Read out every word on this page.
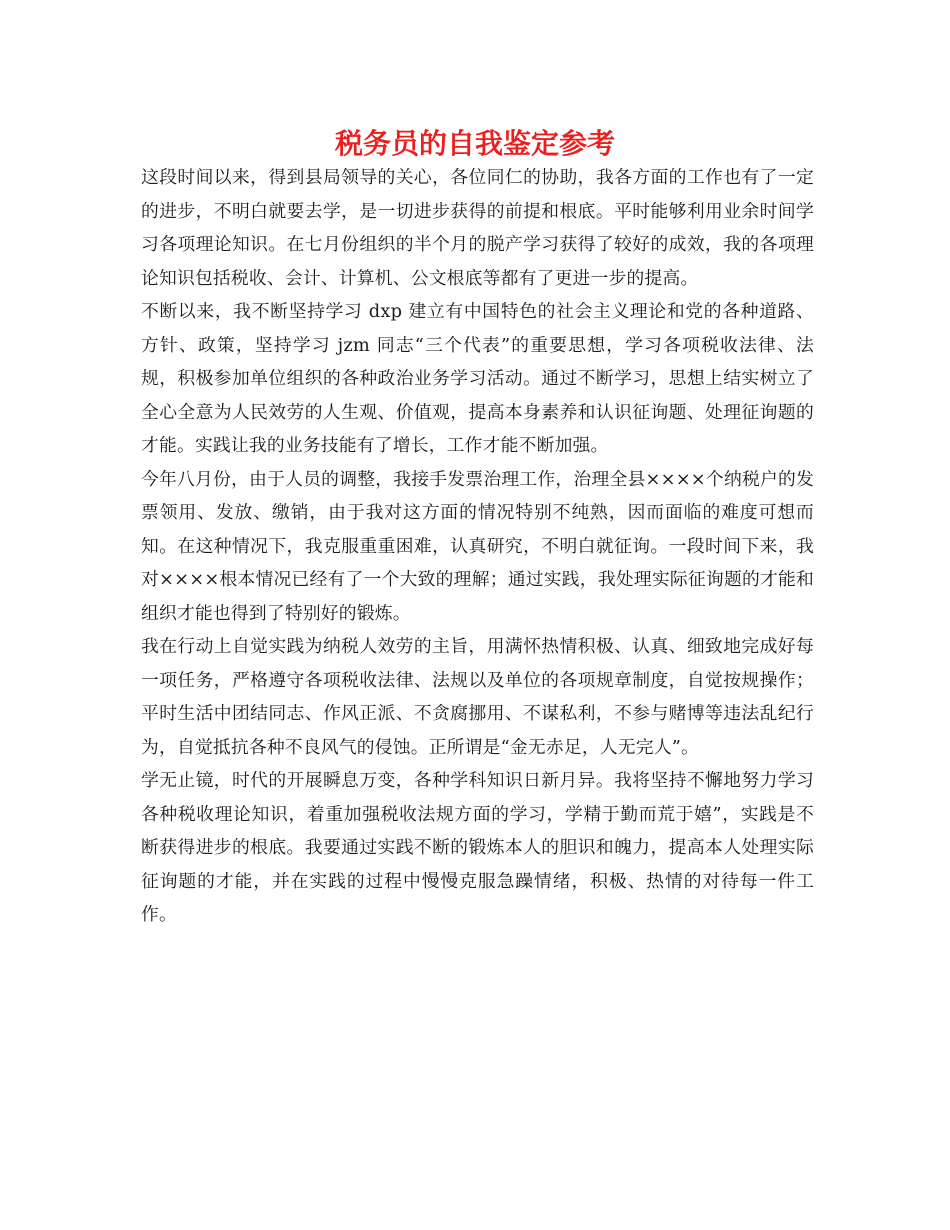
税务员的自我鉴定参考

这段时间以来，得到县局领导的关心，各位同仁的协助，我各方面的工作也有了一定的进步，不明白就要去学，是一切进步获得的前提和根底。平时能够利用业余时间学习各项理论知识。在七月份组织的半个月的脱产学习获得了较好的成效，我的各项理论知识包括税收、会计、计算机、公文根底等都有了更进一步的提高。

不断以来，我不断坚持学习 dxp 建立有中国特色的社会主义理论和党的各种道路、方针、政策，坚持学习 jzm 同志“三个代表”的重要思想，学习各项税收法律、法规，积极参加单位组织的各种政治业务学习活动。通过不断学习，思想上结实树立了全心全意为人民效劳的人生观、价值观，提高本身素养和认识征询题、处理征询题的才能。实践让我的业务技能有了增长，工作才能不断加强。

今年八月份，由于人员的调整，我接手发票治理工作，治理全县××××个纳税户的发票领用、发放、缴销，由于我对这方面的情况特别不纯熟，因而面临的难度可想而知。在这种情况下，我克服重重困难，认真研究，不明白就征询。一段时间下来，我对××××根本情况已经有了一个大致的理解；通过实践，我处理实际征询题的才能和组织才能也得到了特别好的锻炼。

我在行动上自觉实践为纳税人效劳的主旨，用满怀热情积极、认真、细致地完成好每一项任务，严格遵守各项税收法律、法规以及单位的各项规章制度，自觉按规操作；平时生活中团结同志、作风正派、不贪腐挪用、不谋私利，不参与赌博等违法乱纪行为，自觉抵抗各种不良风气的侵蚀。正所谓是“金无赤足，人无完人”。

学无止镜，时代的开展瞬息万变，各种学科知识日新月异。我将坚持不懈地努力学习各种税收理论知识，着重加强税收法规方面的学习，学精于勤而荒于嬉”，实践是不断获得进步的根底。我要通过实践不断的锻炼本人的胆识和魄力，提高本人处理实际征询题的才能，并在实践的过程中慢慢克服急躁情绪，积极、热情的对待每一件工作。
